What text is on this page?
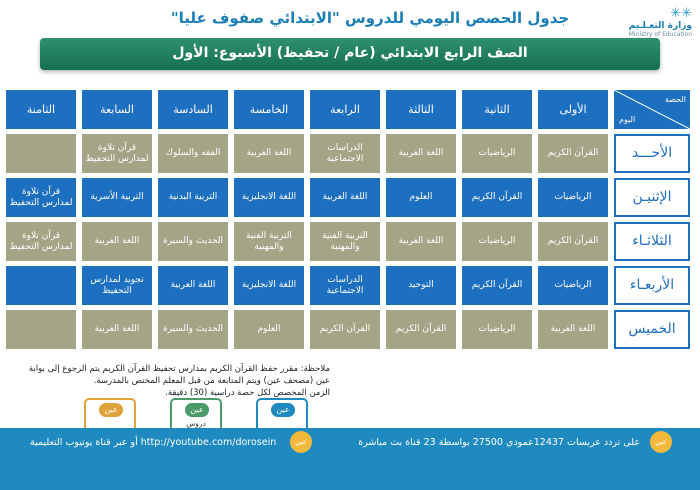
جدول الحصص اليومي للدروس "الابتدائي صفوف عليا"	✳✳
وزارة التعـلـيم
Ministry of Education
الصف الرابع الابتدائي (عام / تحفيظ) الأسبوع: الأول
الحصة
اليوم
الأولى
الثانية
الثالثة
الرابعة
الخامسة
السادسة
السابعة
الثامنة
الأحـــد
القرآن الكريم
الرياضيات
اللغة العربية
الدراسات الاجتماعية
اللغة العربية
الفقه والسلوك
قرآن تلاوة لمدارس التحفيظ
الإثنيـن
الرياضيات
القرآن الكريم
العلوم
اللغة العربية
اللغة الانجليزية
التربية البدنية
التربية الأسرية
قرآن تلاوة لمدارس التحفيظ
الثلاثـاء
القرآن الكريم
الرياضيات
اللغة العربية
التربية الفنية والمهنية
التربية الفنية والمهنية
الحديث والسيرة
اللغة العربية
قرآن تلاوة لمدارس التحفيظ
الأربعـاء
الرياضيات
القرآن الكريم
التوحيد
الدراسات الاجتماعية
اللغة الانجليزية
اللغة العربية
تجويد لمدارس التحفيظ
الخميس
اللغة العربية
الرياضيات
القرآن الكريم
القرآن الكريم
العلوم
الحديث والسيرة
اللغة العربية
ملاحظة: مقرر حفظ القرآن الكريم بمدارس تحفيظ القرآن الكريم يتم الرجوع إلى بوابة
عين (مصحف عين) ويتم المتابعة من قبل المعلم المختص بالمدرسة.
الزمن المخصص لكل حصة دراسية (30) دقيقة.
عين
عين
دروس
عين
عين
على تردد عربسات 12437عمودي 27500 بواسطة 23 قناة بث مباشرة
عين
أو عبر قناة يوتيوب التعليمية http://youtube.com/dorosein
